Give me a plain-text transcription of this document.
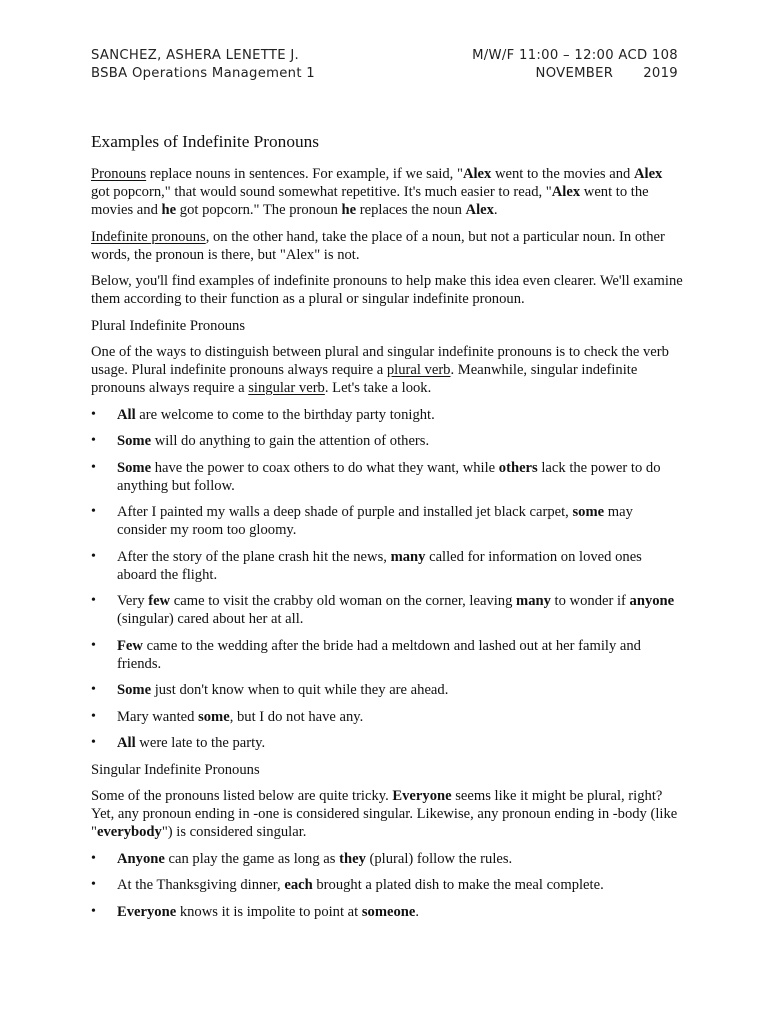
SANCHEZ, ASHERA LENETTE J.
BSBA Operations Management 1
M/W/F 11:00 – 12:00 ACD 108
NOVEMBER 2019
Examples of Indefinite Pronouns

Pronouns replace nouns in sentences. For example, if we said, "Alex went to the movies and Alex got popcorn," that would sound somewhat repetitive. It's much easier to read, "Alex went to the movies and he got popcorn." The pronoun he replaces the noun Alex.

Indefinite pronouns, on the other hand, take the place of a noun, but not a particular noun. In other words, the pronoun is there, but "Alex" is not.

Below, you'll find examples of indefinite pronouns to help make this idea even clearer. We'll examine them according to their function as a plural or singular indefinite pronoun.

Plural Indefinite Pronouns

One of the ways to distinguish between plural and singular indefinite pronouns is to check the verb usage. Plural indefinite pronouns always require a plural verb. Meanwhile, singular indefinite pronouns always require a singular verb. Let's take a look.

•	All are welcome to come to the birthday party tonight.
•	Some will do anything to gain the attention of others.
•	Some have the power to coax others to do what they want, while others lack the power to do anything but follow.
•	After I painted my walls a deep shade of purple and installed jet black carpet, some may consider my room too gloomy.
•	After the story of the plane crash hit the news, many called for information on loved ones aboard the flight.
•	Very few came to visit the crabby old woman on the corner, leaving many to wonder if anyone (singular) cared about her at all.
•	Few came to the wedding after the bride had a meltdown and lashed out at her family and friends.
•	Some just don't know when to quit while they are ahead.
•	Mary wanted some, but I do not have any.
•	All were late to the party.

Singular Indefinite Pronouns

Some of the pronouns listed below are quite tricky. Everyone seems like it might be plural, right? Yet, any pronoun ending in -one is considered singular. Likewise, any pronoun ending in -body (like "everybody") is considered singular.

•	Anyone can play the game as long as they (plural) follow the rules.
•	At the Thanksgiving dinner, each brought a plated dish to make the meal complete.
•	Everyone knows it is impolite to point at someone.
